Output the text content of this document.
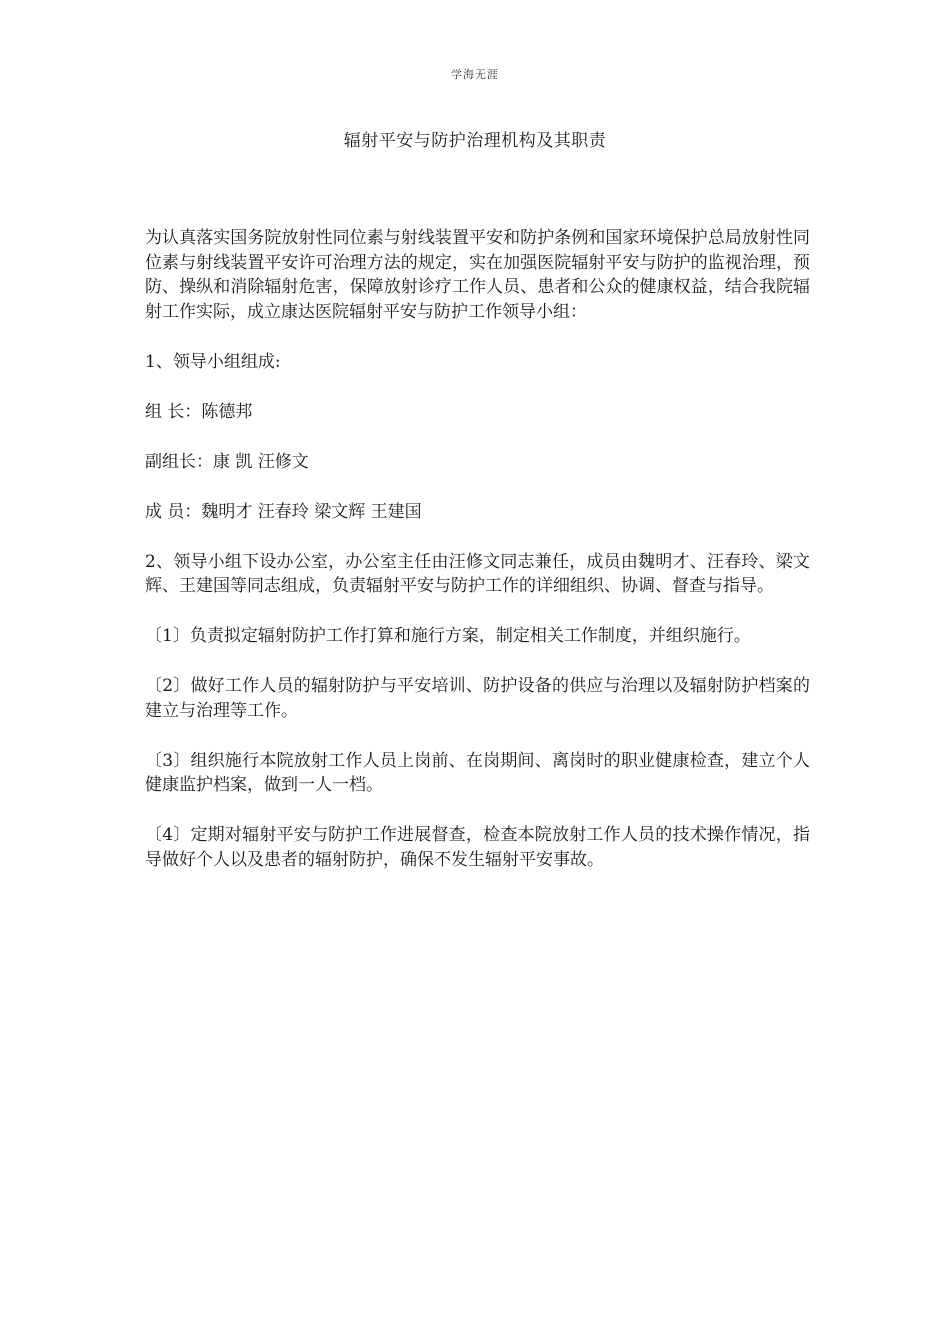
学海无涯
辐射平安与防护治理机构及其职责

为认真落实国务院放射性同位素与射线装置平安和防护条例和国家环境保护总局放射性同位素与射线装置平安许可治理方法的规定，实在加强医院辐射平安与防护的监视治理，预防、操纵和消除辐射危害，保障放射诊疗工作人员、患者和公众的健康权益，结合我院辐射工作实际，成立康达医院辐射平安与防护工作领导小组：

1、领导小组组成:

组 长：陈德邦

副组长：康 凯 汪修文

成 员：魏明才 汪春玲 梁文辉 王建国

2、领导小组下设办公室，办公室主任由汪修文同志兼任，成员由魏明才、汪春玲、梁文辉、王建国等同志组成，负责辐射平安与防护工作的详细组织、协调、督查与指导。

〔1〕负责拟定辐射防护工作打算和施行方案，制定相关工作制度，并组织施行。

〔2〕做好工作人员的辐射防护与平安培训、防护设备的供应与治理以及辐射防护档案的建立与治理等工作。

〔3〕组织施行本院放射工作人员上岗前、在岗期间、离岗时的职业健康检查，建立个人健康监护档案，做到一人一档。

〔4〕定期对辐射平安与防护工作进展督查，检查本院放射工作人员的技术操作情况，指导做好个人以及患者的辐射防护，确保不发生辐射平安事故。
